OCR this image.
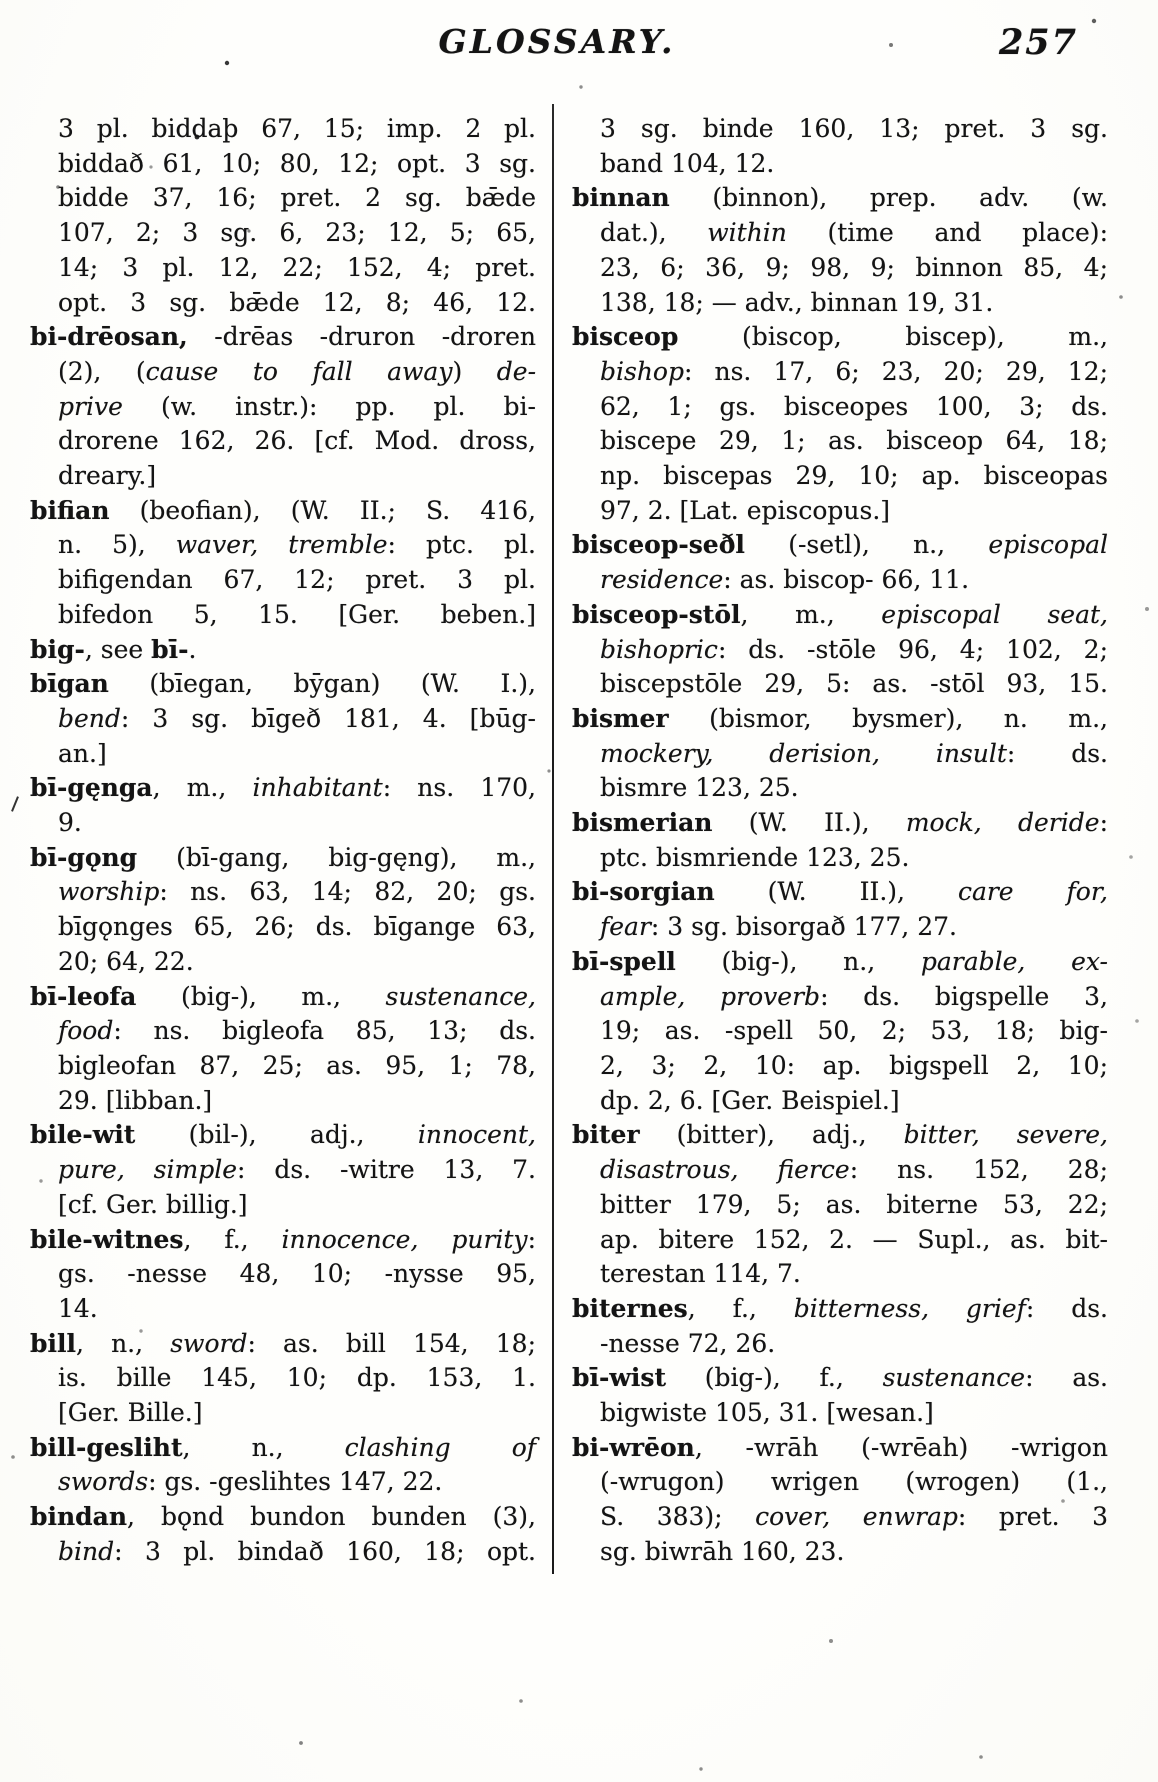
GLOSSARY.	257
3 pl. biddaþ 67, 15; imp. 2 pl.
biddað 61, 10; 80, 12; opt. 3 sg.
bidde 37, 16; pret. 2 sg. bǣde
107, 2; 3 sg. 6, 23; 12, 5; 65,
14; 3 pl. 12, 22; 152, 4; pret.
opt. 3 sg. bǣde 12, 8; 46, 12.
bi-drēosan, -drēas -druron -droren
(2), (cause to fall away) de-
prive (w. instr.): pp. pl. bi-
drorene 162, 26. [cf. Mod. dross,
dreary.]
bifian (beofian), (W. II.; S. 416,
n. 5), waver, tremble: ptc. pl.
bifigendan 67, 12; pret. 3 pl.
bifedon 5, 15. [Ger. beben.]
big-, see bī-.
bīgan (bīegan, bȳgan) (W. I.),
bend: 3 sg. bīgeð 181, 4. [būg-
an.]
bī-gęnga, m., inhabitant: ns. 170,
9.
bī-gǫng (bī-gang, big-gęng), m.,
worship: ns. 63, 14; 82, 20; gs.
bīgǫnges 65, 26; ds. bīgange 63,
20; 64, 22.
bī-leofa (big-), m., sustenance,
food: ns. bigleofa 85, 13; ds.
bigleofan 87, 25; as. 95, 1; 78,
29. [libban.]
bile-wit (bil-), adj., innocent,
pure, simple: ds. -witre 13, 7.
[cf. Ger. billig.]
bile-witnes, f., innocence, purity:
gs. -nesse 48, 10; -nysse 95,
14.
bill, n., sword: as. bill 154, 18;
is. bille 145, 10; dp. 153, 1.
[Ger. Bille.]
bill-gesliht, n., clashing of
swords: gs. -geslihtes 147, 22.
bindan, bǫnd bundon bunden (3),
bind: 3 pl. bindað 160, 18; opt.
3 sg. binde 160, 13; pret. 3 sg.
band 104, 12.
binnan (binnon), prep. adv. (w.
dat.), within (time and place):
23, 6; 36, 9; 98, 9; binnon 85, 4;
138, 18; — adv., binnan 19, 31.
bisceop (biscop, biscep), m.,
bishop: ns. 17, 6; 23, 20; 29, 12;
62, 1; gs. bisceopes 100, 3; ds.
biscepe 29, 1; as. bisceop 64, 18;
np. biscepas 29, 10; ap. bisceopas
97, 2. [Lat. episcopus.]
bisceop-seðl (-setl), n., episcopal
residence: as. biscop- 66, 11.
bisceop-stōl, m., episcopal seat,
bishopric: ds. -stōle 96, 4; 102, 2;
biscepstōle 29, 5: as. -stōl 93, 15.
bismer (bismor, bysmer), n. m.,
mockery, derision, insult: ds.
bismre 123, 25.
bismerian (W. II.), mock, deride:
ptc. bismriende 123, 25.
bi-sorgian (W. II.), care for,
fear: 3 sg. bisorgað 177, 27.
bī-spell (big-), n., parable, ex-
ample, proverb: ds. bigspelle 3,
19; as. -spell 50, 2; 53, 18; big-
2, 3; 2, 10: ap. bigspell 2, 10;
dp. 2, 6. [Ger. Beispiel.]
biter (bitter), adj., bitter, severe,
disastrous, fierce: ns. 152, 28;
bitter 179, 5; as. biterne 53, 22;
ap. bitere 152, 2. — Supl., as. bit-
terestan 114, 7.
biternes, f., bitterness, grief: ds.
-nesse 72, 26.
bī-wist (big-), f., sustenance: as.
bigwiste 105, 31. [wesan.]
bi-wrēon, -wrāh (-wrēah) -wrigon
(-wrugon) wrigen (wrogen) (1.,
S. 383); cover, enwrap: pret. 3
sg. biwrāh 160, 23.
